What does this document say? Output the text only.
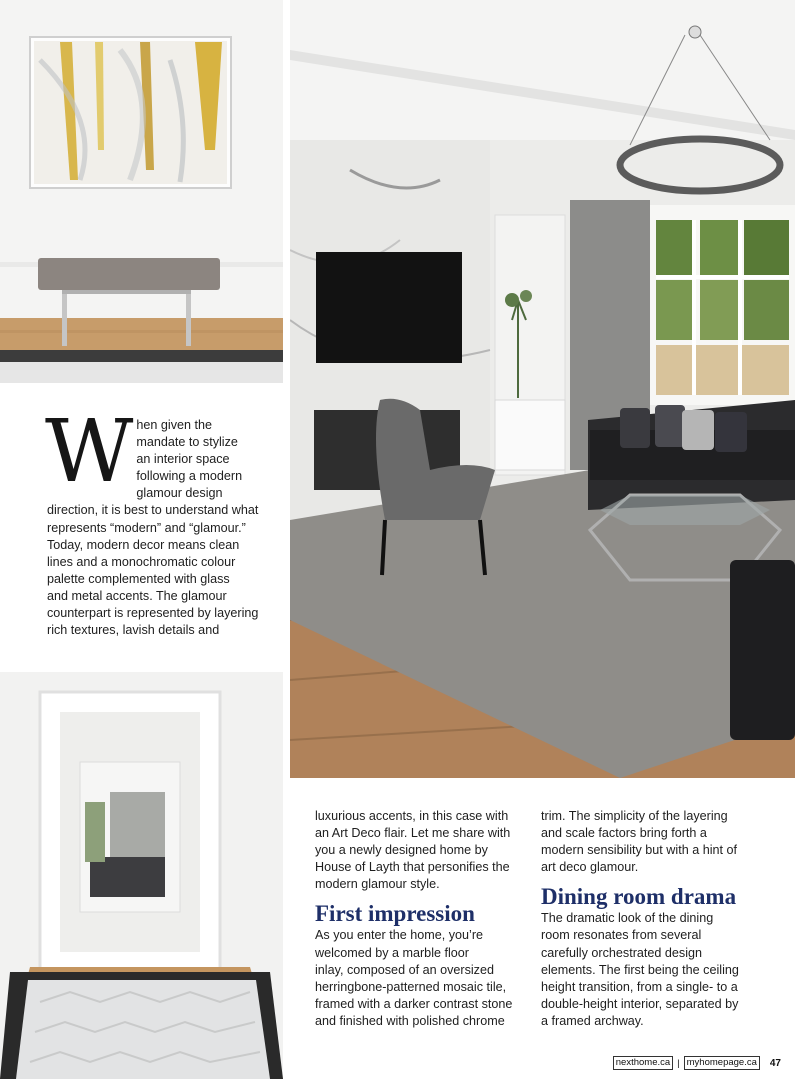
W hen given the

mandate to stylize

an interior space

following a modern

glamour design

direction, it is best to understand what

represents “modern” and “glamour.”

Today, modern decor means clean

lines and a monochromatic colour

palette complemented with glass

and metal accents. The glamour

counterpart is represented by layering

rich textures, lavish details and

luxurious accents, in this case with

an Art Deco flair. Let me share with

you a newly designed home by

House of Layth that personifies the

modern glamour style.

First impression

As you enter the home, you’re

welcomed by a marble floor

inlay, composed of an oversized

herringbone-patterned mosaic tile,

framed with a darker contrast stone

and finished with polished chrome

trim. The simplicity of the layering

and scale factors bring forth a

modern sensibility but with a hint of

art deco glamour.

Dining room drama

The dramatic look of the dining

room resonates from several

carefully orchestrated design

elements. The first being the ceiling

height transition, from a single- to a

double-height interior, separated by

a framed archway.

nexthome.ca | myhomepage.ca	47
